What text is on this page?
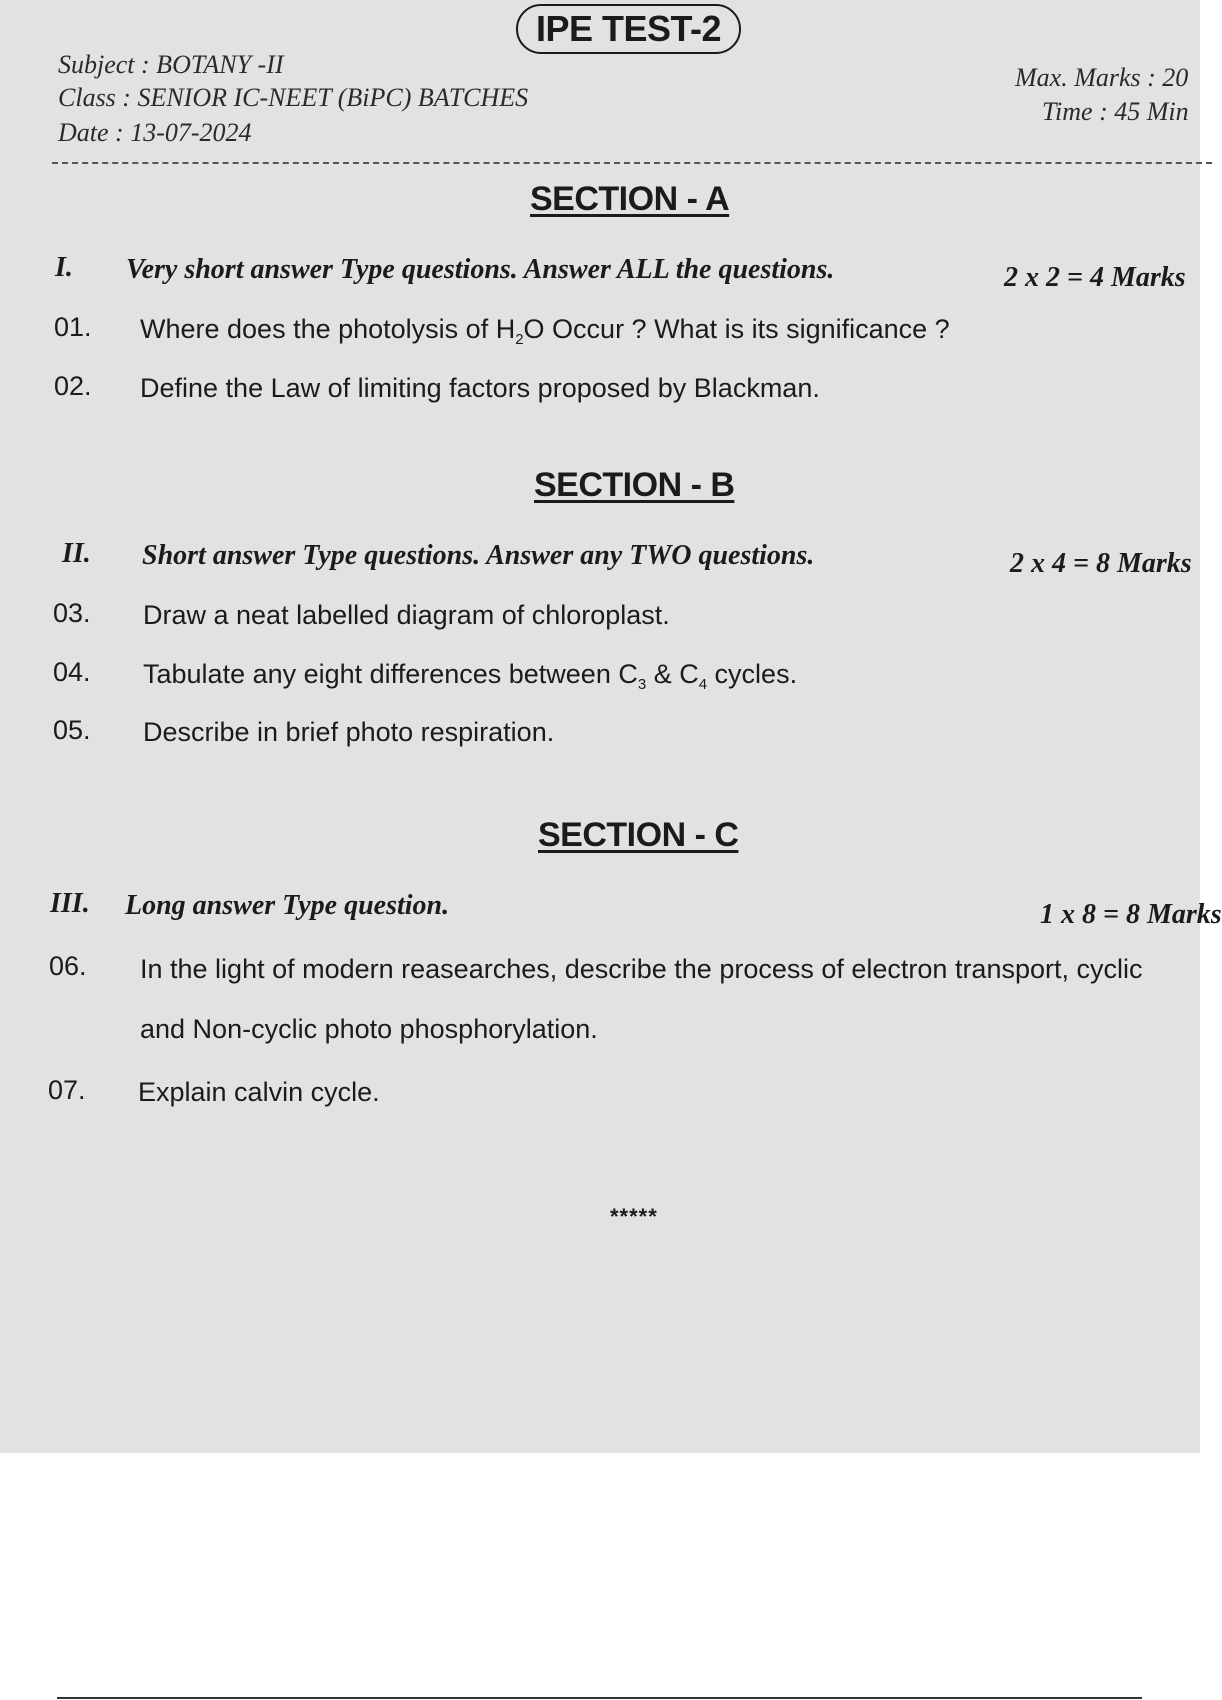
IPE TEST-2
Subject : BOTANY -II
Class : SENIOR IC-NEET (BiPC) BATCHES
Date : 13-07-2024
Max. Marks : 20
Time : 45 Min
SECTION - A
I. Very short answer Type questions. Answer ALL the questions.	2 x 2 = 4 Marks
01. Where does the photolysis of $H_2O$ Occur ? What is its significance ?
02. Define the Law of limiting factors proposed by Blackman.
SECTION - B
II. Short answer Type questions. Answer any TWO questions.	2 x 4 = 8 Marks
03. Draw a neat labelled diagram of chloroplast.
04. Tabulate any eight differences between $C_3$ & $C_4$ cycles.
05. Describe in brief photo respiration.
SECTION - C
III. Long answer Type question.	1 x 8 = 8 Marks
06. In the light of modern reasearches, describe the process of electron transport, cyclic
and Non-cyclic photo phosphorylation.
07. Explain calvin cycle.
*****
